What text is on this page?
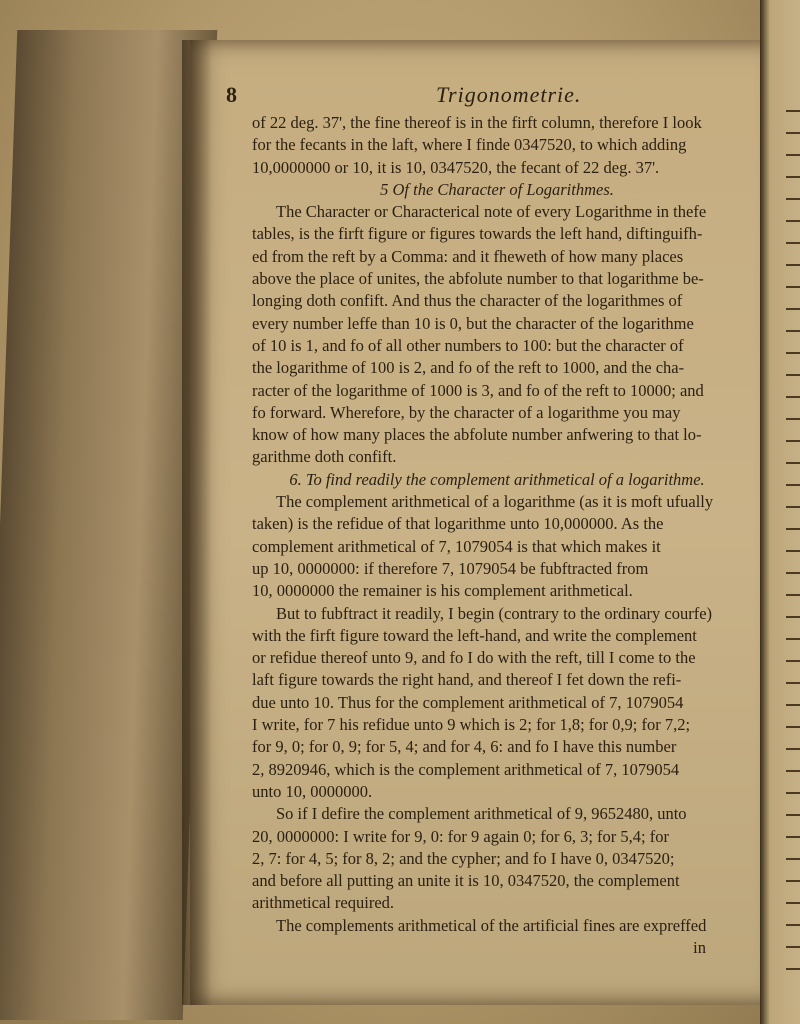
8	Trigonometrie.
of 22 deg. 37', the fine thereof is in the firft column, therefore I look
for the fecants in the laft, where I finde 0347520, to which adding
10,0000000 or 10, it is 10, 0347520, the fecant of 22 deg. 37'.
5 Of the Character of Logarithmes.
The Character or Characterical note of every Logarithme in thefe
tables, is the firft figure or figures towards the left hand, diftinguifh-
ed from the reft by a Comma: and it fheweth of how many places
above the place of unites, the abfolute number to that logarithme be-
longing doth confift. And thus the character of the logarithmes of
every number leffe than 10 is 0, but the character of the logarithme
of 10 is 1, and fo of all other numbers to 100: but the character of
the logarithme of 100 is 2, and fo of the reft to 1000, and the cha-
racter of the logarithme of 1000 is 3, and fo of the reft to 10000; and
fo forward. Wherefore, by the character of a logarithme you may
know of how many places the abfolute number anfwering to that lo-
garithme doth confift.
6. To find readily the complement arithmetical of a logarithme.
The complement arithmetical of a logarithme (as it is moft ufually
taken) is the refidue of that logarithme unto 10,000000. As the
complement arithmetical of 7, 1079054 is that which makes it
up 10, 0000000: if therefore 7, 1079054 be fubftracted from
10, 0000000 the remainer is his complement arithmetical.
But to fubftract it readily, I begin (contrary to the ordinary courfe)
with the firft figure toward the left-hand, and write the complement
or refidue thereof unto 9, and fo I do with the reft, till I come to the
laft figure towards the right hand, and thereof I fet down the refi-
due unto 10. Thus for the complement arithmetical of 7, 1079054
I write, for 7 his refidue unto 9 which is 2; for 1,8; for 0,9; for 7,2;
for 9, 0; for 0, 9; for 5, 4; and for 4, 6: and fo I have this number
2, 8920946, which is the complement arithmetical of 7, 1079054
unto 10, 0000000.
So if I defire the complement arithmetical of 9, 9652480, unto
20, 0000000: I write for 9, 0: for 9 again 0; for 6, 3; for 5,4; for
2, 7: for 4, 5; for 8, 2; and the cypher; and fo I have 0, 0347520;
and before all putting an unite it is 10, 0347520, the complement
arithmetical required.
The complements arithmetical of the artificial fines are expreffed
in
